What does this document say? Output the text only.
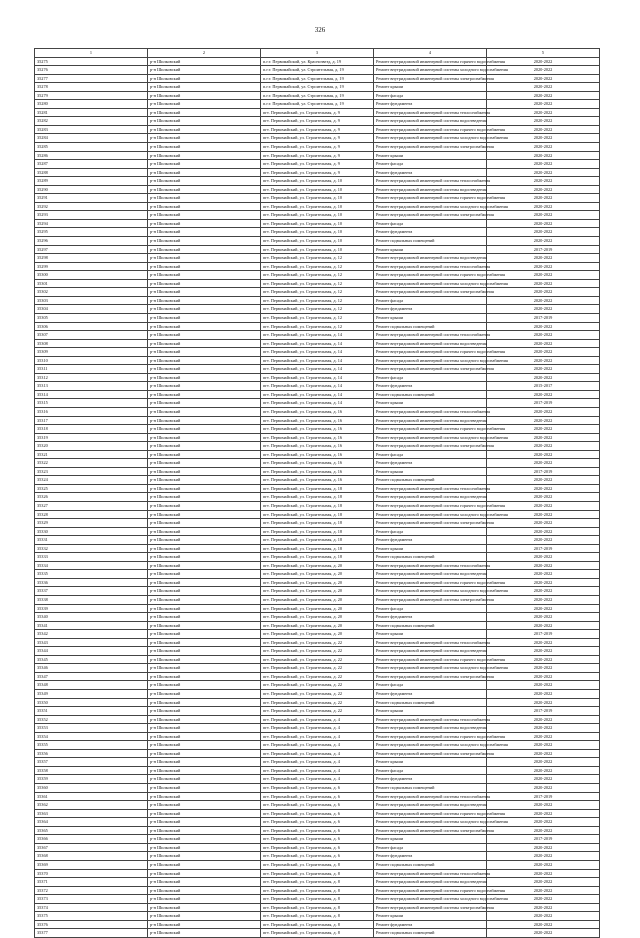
326
1	2	3	4	5
35275	р-н Шилковский	п.г.т. Первомайский, ул. Краснозвезд, д. 19	Ремонт внутридомовой инженерной системы горячего водоснабжения	2020-2022
35276	р-н Шилковский	п.г.т. Первомайский, ул. Строительная, д. 19	Ремонт внутридомовой инженерной системы холодного водоснабжения	2020-2022
35277	р-н Шилковский	п.г.т. Первомайский, ул. Строительная, д. 19	Ремонт внутридомовой инженерной системы электроснабжения	2020-2022
35278	р-н Шилковский	п.г.т. Первомайский, ул. Строительная, д. 19	Ремонт крыши	2020-2022
35279	р-н Шилковский	п.г.т. Первомайский, ул. Строительная, д. 19	Ремонт фасада	2020-2022
35280	р-н Шилковский	п.г.т. Первомайский, ул. Строительная, д. 19	Ремонт фундамента	2020-2022
35281	р-н Шилковский	пгт. Первомайский, ул. Строительная, д. 9	Ремонт внутридомовой инженерной системы теплоснабжения	2020-2022
35282	р-н Шилковский	пгт. Первомайский, ул. Строительная, д. 9	Ремонт внутридомовой инженерной системы водоотведения	2020-2022
35283	р-н Шилковский	пгт. Первомайский, ул. Строительная, д. 9	Ремонт внутридомовой инженерной системы горячего водоснабжения	2020-2022
35284	р-н Шилковский	пгт. Первомайский, ул. Строительная, д. 9	Ремонт внутридомовой инженерной системы холодного водоснабжения	2020-2022
35285	р-н Шилковский	пгт. Первомайский, ул. Строительная, д. 9	Ремонт внутридомовой инженерной системы электроснабжения	2020-2022
35286	р-н Шилковский	пгт. Первомайский, ул. Строительная, д. 9	Ремонт крыши	2020-2022
35287	р-н Шилковский	пгт. Первомайский, ул. Строительная, д. 9	Ремонт фасада	2020-2022
35288	р-н Шилковский	пгт. Первомайский, ул. Строительная, д. 9	Ремонт фундамента	2020-2022
35289	р-н Шилковский	пгт. Первомайский, ул. Строительная, д. 10	Ремонт внутридомовой инженерной системы теплоснабжения	2020-2022
35290	р-н Шилковский	пгт. Первомайский, ул. Строительная, д. 10	Ремонт внутридомовой инженерной системы водоотведения	2020-2022
35291	р-н Шилковский	пгт. Первомайский, ул. Строительная, д. 10	Ремонт внутридомовой инженерной системы горячего водоснабжения	2020-2022
35292	р-н Шилковский	пгт. Первомайский, ул. Строительная, д. 10	Ремонт внутридомовой инженерной системы холодного водоснабжения	2020-2022
35293	р-н Шилковский	пгт. Первомайский, ул. Строительная, д. 10	Ремонт внутридомовой инженерной системы электроснабжения	2020-2022
35294	р-н Шилковский	пгт. Первомайский, ул. Строительная, д. 10	Ремонт фасада	2020-2022
35295	р-н Шилковский	пгт. Первомайский, ул. Строительная, д. 10	Ремонт фундамента	2020-2022
35296	р-н Шилковский	пгт. Первомайский, ул. Строительная, д. 10	Ремонт подвальных помещений	2020-2022
35297	р-н Шилковский	пгт. Первомайский, ул. Строительная, д. 10	Ремонт крыши	2017-2019
35298	р-н Шилковский	пгт. Первомайский, ул. Строительная, д. 12	Ремонт внутридомовой инженерной системы водоотведения	2020-2022
35299	р-н Шилковский	пгт. Первомайский, ул. Строительная, д. 12	Ремонт внутридомовой инженерной системы теплоснабжения	2020-2022
35300	р-н Шилковский	пгт. Первомайский, ул. Строительная, д. 12	Ремонт внутридомовой инженерной системы горячего водоснабжения	2020-2022
35301	р-н Шилковский	пгт. Первомайский, ул. Строительная, д. 12	Ремонт внутридомовой инженерной системы холодного водоснабжения	2020-2022
35302	р-н Шилковский	пгт. Первомайский, ул. Строительная, д. 12	Ремонт внутридомовой инженерной системы электроснабжения	2020-2022
35303	р-н Шилковский	пгт. Первомайский, ул. Строительная, д. 12	Ремонт фасада	2020-2022
35304	р-н Шилковский	пгт. Первомайский, ул. Строительная, д. 12	Ремонт фундамента	2020-2022
35305	р-н Шилковский	пгт. Первомайский, ул. Строительная, д. 12	Ремонт крыши	2017-2019
35306	р-н Шилковский	пгт. Первомайский, ул. Строительная, д. 12	Ремонт подвальных помещений	2020-2022
35307	р-н Шилковский	пгт. Первомайский, ул. Строительная, д. 14	Ремонт внутридомовой инженерной системы теплоснабжения	2020-2022
35308	р-н Шилковский	пгт. Первомайский, ул. Строительная, д. 14	Ремонт внутридомовой инженерной системы водоотведения	2020-2022
35309	р-н Шилковский	пгт. Первомайский, ул. Строительная, д. 14	Ремонт внутридомовой инженерной системы горячего водоснабжения	2020-2022
35310	р-н Шилковский	пгт. Первомайский, ул. Строительная, д. 14	Ремонт внутридомовой инженерной системы холодного водоснабжения	2020-2022
35311	р-н Шилковский	пгт. Первомайский, ул. Строительная, д. 14	Ремонт внутридомовой инженерной системы электроснабжения	2020-2022
35312	р-н Шилковский	пгт. Первомайский, ул. Строительная, д. 14	Ремонт фасада	2020-2022
35313	р-н Шилковский	пгт. Первомайский, ул. Строительная, д. 14	Ремонт фундамента	2015-2017
35314	р-н Шилковский	пгт. Первомайский, ул. Строительная, д. 14	Ремонт подвальных помещений	2020-2022
35315	р-н Шилковский	пгт. Первомайский, ул. Строительная, д. 14	Ремонт крыши	2017-2019
35316	р-н Шилковский	пгт. Первомайский, ул. Строительная, д. 16	Ремонт внутридомовой инженерной системы теплоснабжения	2020-2022
35317	р-н Шилковский	пгт. Первомайский, ул. Строительная, д. 16	Ремонт внутридомовой инженерной системы водоотведения	2020-2022
35318	р-н Шилковский	пгт. Первомайский, ул. Строительная, д. 16	Ремонт внутридомовой инженерной системы горячего водоснабжения	2020-2022
35319	р-н Шилковский	пгт. Первомайский, ул. Строительная, д. 16	Ремонт внутридомовой инженерной системы холодного водоснабжения	2020-2022
35320	р-н Шилковский	пгт. Первомайский, ул. Строительная, д. 16	Ремонт внутридомовой инженерной системы электроснабжения	2020-2022
35321	р-н Шилковский	пгт. Первомайский, ул. Строительная, д. 16	Ремонт фасада	2020-2022
35322	р-н Шилковский	пгт. Первомайский, ул. Строительная, д. 16	Ремонт фундамента	2020-2022
35323	р-н Шилковский	пгт. Первомайский, ул. Строительная, д. 16	Ремонт крыши	2017-2019
35324	р-н Шилковский	пгт. Первомайский, ул. Строительная, д. 16	Ремонт подвальных помещений	2020-2022
35325	р-н Шилковский	пгт. Первомайский, ул. Строительная, д. 18	Ремонт внутридомовой инженерной системы теплоснабжения	2020-2022
35326	р-н Шилковский	пгт. Первомайский, ул. Строительная, д. 18	Ремонт внутридомовой инженерной системы водоотведения	2020-2022
35327	р-н Шилковский	пгт. Первомайский, ул. Строительная, д. 18	Ремонт внутридомовой инженерной системы горячего водоснабжения	2020-2022
35328	р-н Шилковский	пгт. Первомайский, ул. Строительная, д. 18	Ремонт внутридомовой инженерной системы холодного водоснабжения	2020-2022
35329	р-н Шилковский	пгт. Первомайский, ул. Строительная, д. 18	Ремонт внутридомовой инженерной системы электроснабжения	2020-2022
35330	р-н Шилковский	пгт. Первомайский, ул. Строительная, д. 18	Ремонт фасада	2020-2022
35331	р-н Шилковский	пгт. Первомайский, ул. Строительная, д. 18	Ремонт фундамента	2020-2022
35332	р-н Шилковский	пгт. Первомайский, ул. Строительная, д. 18	Ремонт крыши	2017-2019
35333	р-н Шилковский	пгт. Первомайский, ул. Строительная, д. 18	Ремонт подвальных помещений	2020-2022
35334	р-н Шилковский	пгт. Первомайский, ул. Строительная, д. 20	Ремонт внутридомовой инженерной системы теплоснабжения	2020-2022
35335	р-н Шилковский	пгт. Первомайский, ул. Строительная, д. 20	Ремонт внутридомовой инженерной системы водоотведения	2020-2022
35336	р-н Шилковский	пгт. Первомайский, ул. Строительная, д. 20	Ремонт внутридомовой инженерной системы горячего водоснабжения	2020-2022
35337	р-н Шилковский	пгт. Первомайский, ул. Строительная, д. 20	Ремонт внутридомовой инженерной системы холодного водоснабжения	2020-2022
35338	р-н Шилковский	пгт. Первомайский, ул. Строительная, д. 20	Ремонт внутридомовой инженерной системы электроснабжения	2020-2022
35339	р-н Шилковский	пгт. Первомайский, ул. Строительная, д. 20	Ремонт фасада	2020-2022
35340	р-н Шилковский	пгт. Первомайский, ул. Строительная, д. 20	Ремонт фундамента	2020-2022
35341	р-н Шилковский	пгт. Первомайский, ул. Строительная, д. 20	Ремонт подвальных помещений	2020-2022
35342	р-н Шилковский	пгт. Первомайский, ул. Строительная, д. 20	Ремонт крыши	2017-2019
35343	р-н Шилковский	пгт. Первомайский, ул. Строительная, д. 22	Ремонт внутридомовой инженерной системы теплоснабжения	2020-2022
35344	р-н Шилковский	пгт. Первомайский, ул. Строительная, д. 22	Ремонт внутридомовой инженерной системы водоотведения	2020-2022
35345	р-н Шилковский	пгт. Первомайский, ул. Строительная, д. 22	Ремонт внутридомовой инженерной системы горячего водоснабжения	2020-2022
35346	р-н Шилковский	пгт. Первомайский, ул. Строительная, д. 22	Ремонт внутридомовой инженерной системы холодного водоснабжения	2020-2022
35347	р-н Шилковский	пгт. Первомайский, ул. Строительная, д. 22	Ремонт внутридомовой инженерной системы электроснабжения	2020-2022
35348	р-н Шилковский	пгт. Первомайский, ул. Строительная, д. 22	Ремонт фасада	2020-2022
35349	р-н Шилковский	пгт. Первомайский, ул. Строительная, д. 22	Ремонт фундамента	2020-2022
35350	р-н Шилковский	пгт. Первомайский, ул. Строительная, д. 22	Ремонт подвальных помещений	2020-2022
35351	р-н Шилковский	пгт. Первомайский, ул. Строительная, д. 22	Ремонт крыши	2017-2019
35352	р-н Шилковский	пгт. Первомайский, ул. Строительная, д. 4	Ремонт внутридомовой инженерной системы теплоснабжения	2020-2022
35353	р-н Шилковский	пгт. Первомайский, ул. Строительная, д. 4	Ремонт внутридомовой инженерной системы водоотведения	2020-2022
35354	р-н Шилковский	пгт. Первомайский, ул. Строительная, д. 4	Ремонт внутридомовой инженерной системы горячего водоснабжения	2020-2022
35355	р-н Шилковский	пгт. Первомайский, ул. Строительная, д. 4	Ремонт внутридомовой инженерной системы холодного водоснабжения	2020-2022
35356	р-н Шилковский	пгт. Первомайский, ул. Строительная, д. 4	Ремонт внутридомовой инженерной системы электроснабжения	2020-2022
35357	р-н Шилковский	пгт. Первомайский, ул. Строительная, д. 4	Ремонт крыши	2020-2022
35358	р-н Шилковский	пгт. Первомайский, ул. Строительная, д. 4	Ремонт фасада	2020-2022
35359	р-н Шилковский	пгт. Первомайский, ул. Строительная, д. 4	Ремонт фундамента	2020-2022
35360	р-н Шилковский	пгт. Первомайский, ул. Строительная, д. 6	Ремонт подвальных помещений	2020-2022
35361	р-н Шилковский	пгт. Первомайский, ул. Строительная, д. 6	Ремонт внутридомовой инженерной системы теплоснабжения	2017-2019
35362	р-н Шилковский	пгт. Первомайский, ул. Строительная, д. 6	Ремонт внутридомовой инженерной системы водоотведения	2020-2022
35363	р-н Шилковский	пгт. Первомайский, ул. Строительная, д. 6	Ремонт внутридомовой инженерной системы горячего водоснабжения	2020-2022
35364	р-н Шилковский	пгт. Первомайский, ул. Строительная, д. 6	Ремонт внутридомовой инженерной системы холодного водоснабжения	2020-2022
35365	р-н Шилковский	пгт. Первомайский, ул. Строительная, д. 6	Ремонт внутридомовой инженерной системы электроснабжения	2020-2022
35366	р-н Шилковский	пгт. Первомайский, ул. Строительная, д. 6	Ремонт крыши	2017-2019
35367	р-н Шилковский	пгт. Первомайский, ул. Строительная, д. 6	Ремонт фасада	2020-2022
35368	р-н Шилковский	пгт. Первомайский, ул. Строительная, д. 6	Ремонт фундамента	2020-2022
35369	р-н Шилковский	пгт. Первомайский, ул. Строительная, д. 8	Ремонт подвальных помещений	2020-2022
35370	р-н Шилковский	пгт. Первомайский, ул. Строительная, д. 8	Ремонт внутридомовой инженерной системы теплоснабжения	2020-2022
35371	р-н Шилковский	пгт. Первомайский, ул. Строительная, д. 8	Ремонт внутридомовой инженерной системы водоотведения	2020-2022
35372	р-н Шилковский	пгт. Первомайский, ул. Строительная, д. 8	Ремонт внутридомовой инженерной системы горячего водоснабжения	2020-2022
35373	р-н Шилковский	пгт. Первомайский, ул. Строительная, д. 8	Ремонт внутридомовой инженерной системы холодного водоснабжения	2020-2022
35374	р-н Шилковский	пгт. Первомайский, ул. Строительная, д. 8	Ремонт внутридомовой инженерной системы электроснабжения	2020-2022
35375	р-н Шилковский	пгт. Первомайский, ул. Строительная, д. 8	Ремонт крыши	2020-2022
35376	р-н Шилковский	пгт. Первомайский, ул. Строительная, д. 8	Ремонт фундамента	2020-2022
35377	р-н Шилковский	пгт. Первомайский, ул. Строительная, д. 8	Ремонт подвальных помещений	2020-2022
